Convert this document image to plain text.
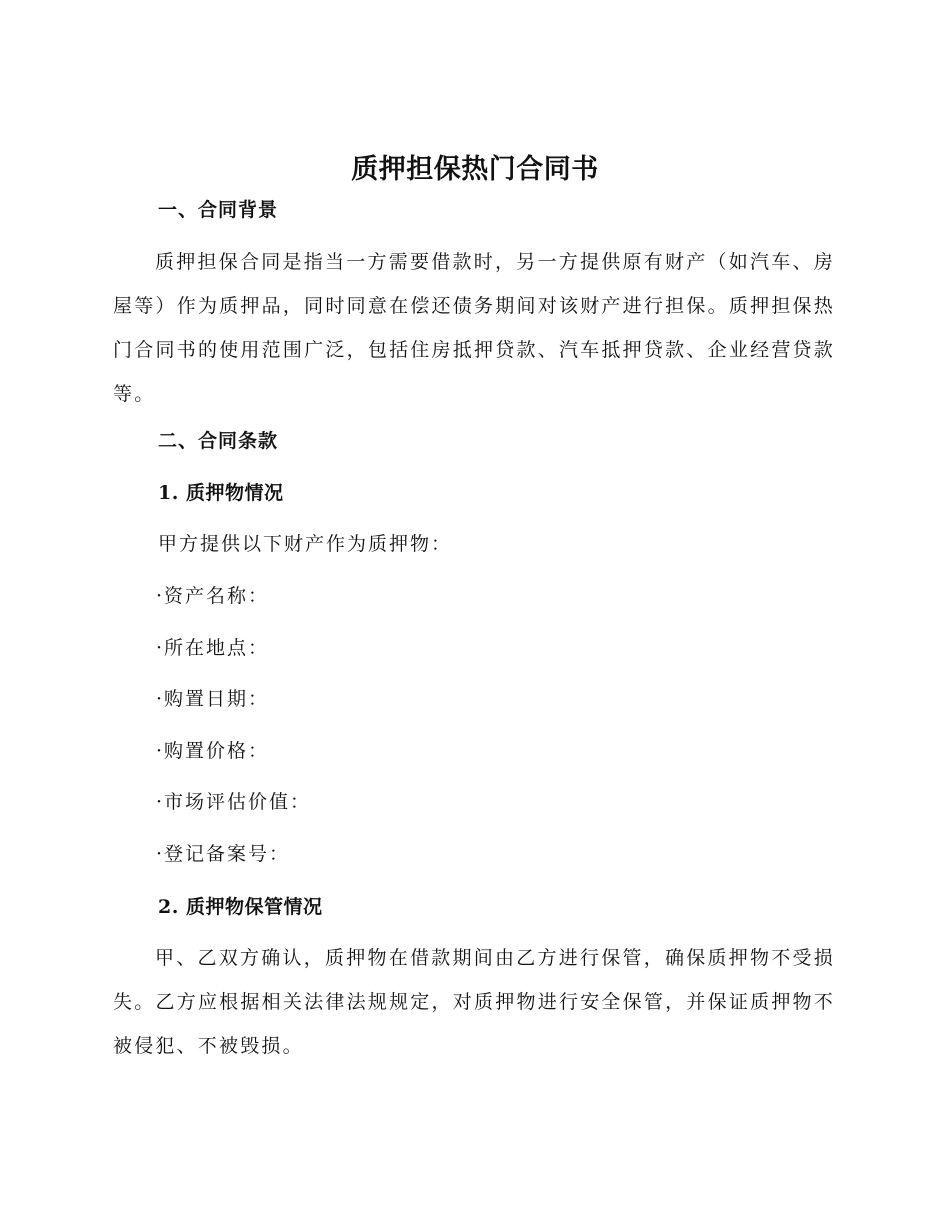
质押担保热门合同书
一、合同背景

质押担保合同是指当一方需要借款时，另一方提供原有财产（如汽车、房屋等）作为质押品，同时同意在偿还债务期间对该财产进行担保。质押担保热门合同书的使用范围广泛，包括住房抵押贷款、汽车抵押贷款、企业经营贷款等。

二、合同条款
1. 质押物情况

甲方提供以下财产作为质押物：

· 资产名称：
· 所在地点：
· 购置日期：
· 购置价格：
· 市场评估价值：
· 登记备案号：
2. 质押物保管情况

甲、乙双方确认，质押物在借款期间由乙方进行保管，确保质押物不受损失。乙方应根据相关法律法规规定，对质押物进行安全保管，并保证质押物不被侵犯、不被毁损。
